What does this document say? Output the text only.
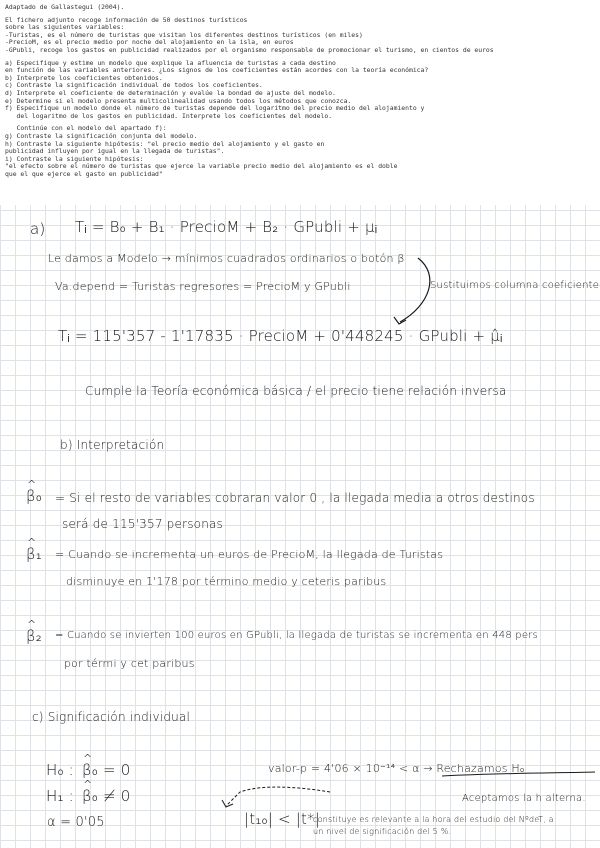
Adaptado de Gallastegui (2004).
El fichero adjunto recoge información de 50 destinos turísticos
sobre las siguientes variables:
-Turistas, es el número de turistas que visitan los diferentes destinos turísticos (en miles)
-PrecioM, es el precio medio por noche del alojamiento en la isla, en euros
-GPubli, recoge los gastos en publicidad realizados por el organismo responsable de promocionar el turismo, en cientos de euros
a) Especifique y estime un modelo que explique la afluencia de turistas a cada destino
en función de las variables anteriores. ¿Los signos de los coeficientes están acordes con la teoría económica?
b) Interprete los coeficientes obtenidos.
c) Contraste la significación individual de todos los coeficientes.
d) Interprete el coeficiente de determinación y evalúe la bondad de ajuste del modelo.
e) Determine si el modelo presenta multicolinealidad usando todos los métodos que conozca.
f) Especifique un modelo donde el número de turistas depende del logaritmo del precio medio del alojamiento y
del logaritmo de los gastos en publicidad. Interprete los coeficientes del modelo.
Continúe con el modelo del apartado f):
g) Contraste la significación conjunta del modelo.
h) Contraste la siguiente hipótesis: "el precio medio del alojamiento y el gasto en
publicidad influyen por igual en la llegada de turistas".
i) Contraste la siguiente hipótesis:
"el efecto sobre el número de turistas que ejerce la variable precio medio del alojamiento es el doble
que el que ejerce el gasto en publicidad"
a) Tᵢ = B₀ + B₁ · PrecioM + B₂ · GPubli + μᵢ
Le damos a Modelo → mínimos cuadrados ordinarios o botón β
Va.depend = Turistas regresores = PrecioM y GPubli	Sustituimos columna coeficiente
Tᵢ = 115'357 - 1'17835 · PrecioM + 0'448245 · GPubli + μ̂ᵢ
Cumple la Teoría económica básica / el precio tiene relación inversa
b) Interpretación
^ β₀ = Si el resto de variables cobraran valor 0 , la llegada media a otros destinos
será de 115'357 personas
^ β₁ = Cuando se incrementa un euros de PrecioM, la llegada de Turistas
disminuye en 1'178 por término medio y ceteris paribus
^ β₂ = Cuando se invierten 100 euros en GPubli, la llegada de turistas se incrementa en 448 pers
por térmi y cet paribus
c) Significación individual
H₀ : ^ β₀ = 0
H₁ : ^ β₀ ≠ 0
α = 0'05
valor-p = 4'06 × 10⁻¹⁴ < α → Rechazamos H₀
Aceptamos la h alterna.
|t₁₀| < |t*|
constituye es relevante a la hora del estudio del NºdeT, a
un nivel de significación del 5 %.
